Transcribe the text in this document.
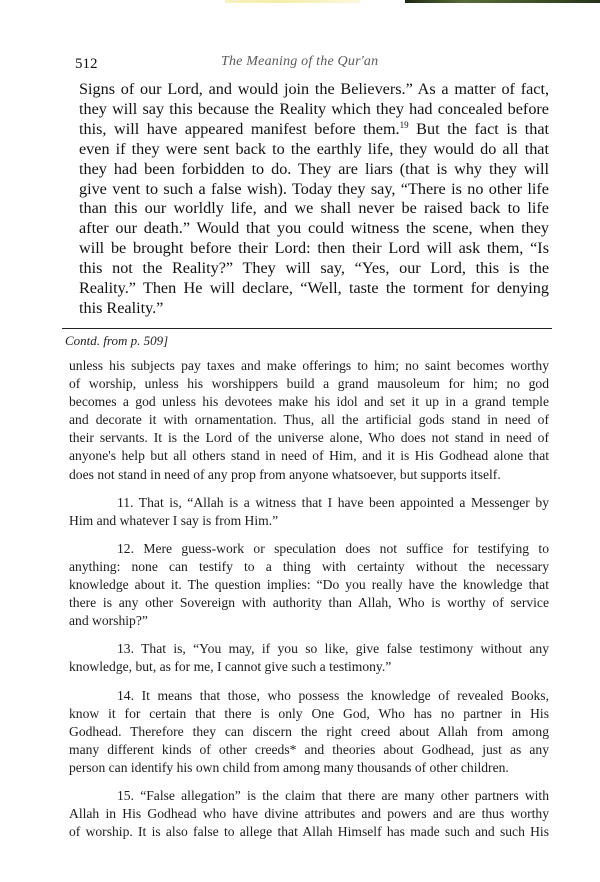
512	The Meaning of the Qur'an
Signs of our Lord, and would join the Believers.” As a matter of fact,
they will say this because the Reality which they had concealed before
this, will have appeared manifest before them.$^{19}$ But the fact is that
even if they were sent back to the earthly life, they would do all that
they had been forbidden to do. They are liars (that is why they will
give vent to such a false wish). Today they say, “There is no other life
than this our worldly life, and we shall never be raised back to life
after our death.” Would that you could witness the scene, when they
will be brought before their Lord: then their Lord will ask them, “Is
this not the Reality?” They will say, “Yes, our Lord, this is the
Reality.” Then He will declare, “Well, taste the torment for denying
this Reality.”
Contd. from p. 509]
unless his subjects pay taxes and make offerings to him; no saint becomes worthy
of worship, unless his worshippers build a grand mausoleum for him; no god
becomes a god unless his devotees make his idol and set it up in a grand temple
and decorate it with ornamentation. Thus, all the artificial gods stand in need of
their servants. It is the Lord of the universe alone, Who does not stand in need of
anyone's help but all others stand in need of Him, and it is His Godhead alone that
does not stand in need of any prop from anyone whatsoever, but supports itself.
11. That is, “Allah is a witness that I have been appointed a Messenger by
Him and whatever I say is from Him.”
12. Mere guess-work or speculation does not suffice for testifying to
anything: none can testify to a thing with certainty without the necessary
knowledge about it. The question implies: “Do you really have the knowledge that
there is any other Sovereign with authority than Allah, Who is worthy of service
and worship?”
13. That is, “You may, if you so like, give false testimony without any
knowledge, but, as for me, I cannot give such a testimony.”
14. It means that those, who possess the knowledge of revealed Books,
know it for certain that there is only One God, Who has no partner in His
Godhead. Therefore they can discern the right creed about Allah from among
many different kinds of other creeds* and theories about Godhead, just as any
person can identify his own child from among many thousands of other children.
15. “False allegation” is the claim that there are many other partners with
Allah in His Godhead who have divine attributes and powers and are thus worthy
of worship. It is also false to allege that Allah Himself has made such and such His
